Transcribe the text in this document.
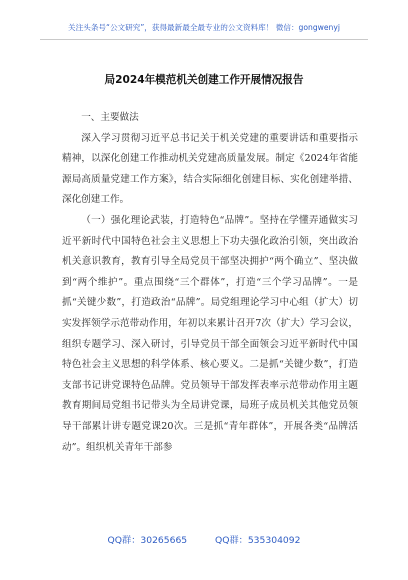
关注头条号“公文研究”，获得最新最全最专业的公文资料库！ 微信：gongwenyj
局2024年模范机关创建工作开展情况报告

一、主要做法

深入学习贯彻习近平总书记关于机关党建的重要讲话和重要指示精神，以深化创建工作推动机关党建高质量发展。制定《2024年省能源局高质量党建工作方案》，结合实际细化创建目标、实化创建举措、深化创建工作。

（一）强化理论武装，打造特色“品牌”。坚持在学懂弄通做实习近平新时代中国特色社会主义思想上下功夫强化政治引领，突出政治机关意识教育，教育引导全局党员干部坚决拥护“两个确立”、坚决做到“两个维护”。重点围绕“三个群体”，打造“三个学习品牌”。一是抓“关键少数”，打造政治“品牌”。局党组理论学习中心组（扩大）切实发挥领学示范带动作用，年初以来累计召开7次（扩大）学习会议，组织专题学习、深入研讨，引导党员干部全面领会习近平新时代中国特色社会主义思想的科学体系、核心要义。二是抓“关键少数”，打造支部书记讲党课特色品牌。党员领导干部发挥表率示范带动作用主题教育期间局党组书记带头为全局讲党课，局班子成员机关其他党员领导干部累计讲专题党课20次。三是抓“青年群体”，开展各类“品牌活动”。组织机关青年干部参

QQ群：30265665	QQ群：535304092
